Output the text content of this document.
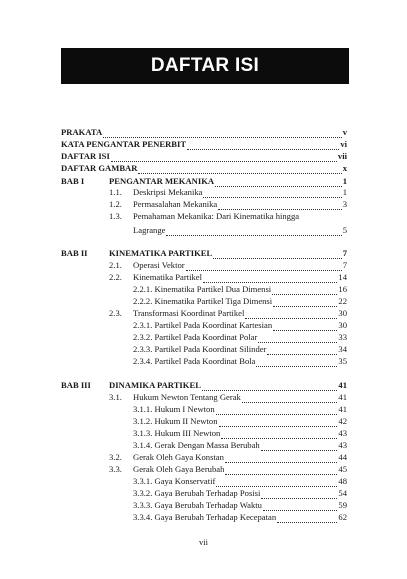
DAFTAR ISI
PRAKATA	v
KATA PENGANTAR PENERBIT	vi
DAFTAR ISI	vii
DAFTAR GAMBAR	x
BAB I	PENGANTAR MEKANIKA	1
1.1. Deskripsi Mekanika	1
1.2. Permasalahan Mekanika	3
1.3. Pemahaman Mekanika: Dari Kinematika hingga
Lagrange	5
BAB II KINEMATIKA PARTIKEL	7
2.1. Operasi Vektor	7
2.2. Kinematika Partikel	14
2.2.1. Kinematika Partikel Dua Dimensi	16
2.2.2. Kinematika Partikel Tiga Dimensi	22
2.3. Transformasi Koordinat Partikel	30
2.3.1. Partikel Pada Koordinat Kartesian	30
2.3.2. Partikel Pada Koordinat Polar	33
2.3.3. Partikel Pada Koordinat Silinder	34
2.3.4. Partikel Pada Koordinat Bola	35
BAB III DINAMIKA PARTIKEL	41
3.1. Hukum Newton Tentang Gerak	41
3.1.1. Hukum I Newton	41
3.1.2. Hukum II Newton	42
3.1.3. Hukum III Newton	43
3.1.4. Gerak Dengan Massa Berubah	43
3.2. Gerak Oleh Gaya Konstan	44
3.3. Gerak Oleh Gaya Berubah	45
3.3.1. Gaya Konservatif	48
3.3.2. Gaya Berubah Terhadap Posisi	54
3.3.3. Gaya Berubah Terhadap Waktu	59
3.3.4. Gaya Berubah Terhadap Kecepatan	62
vii
